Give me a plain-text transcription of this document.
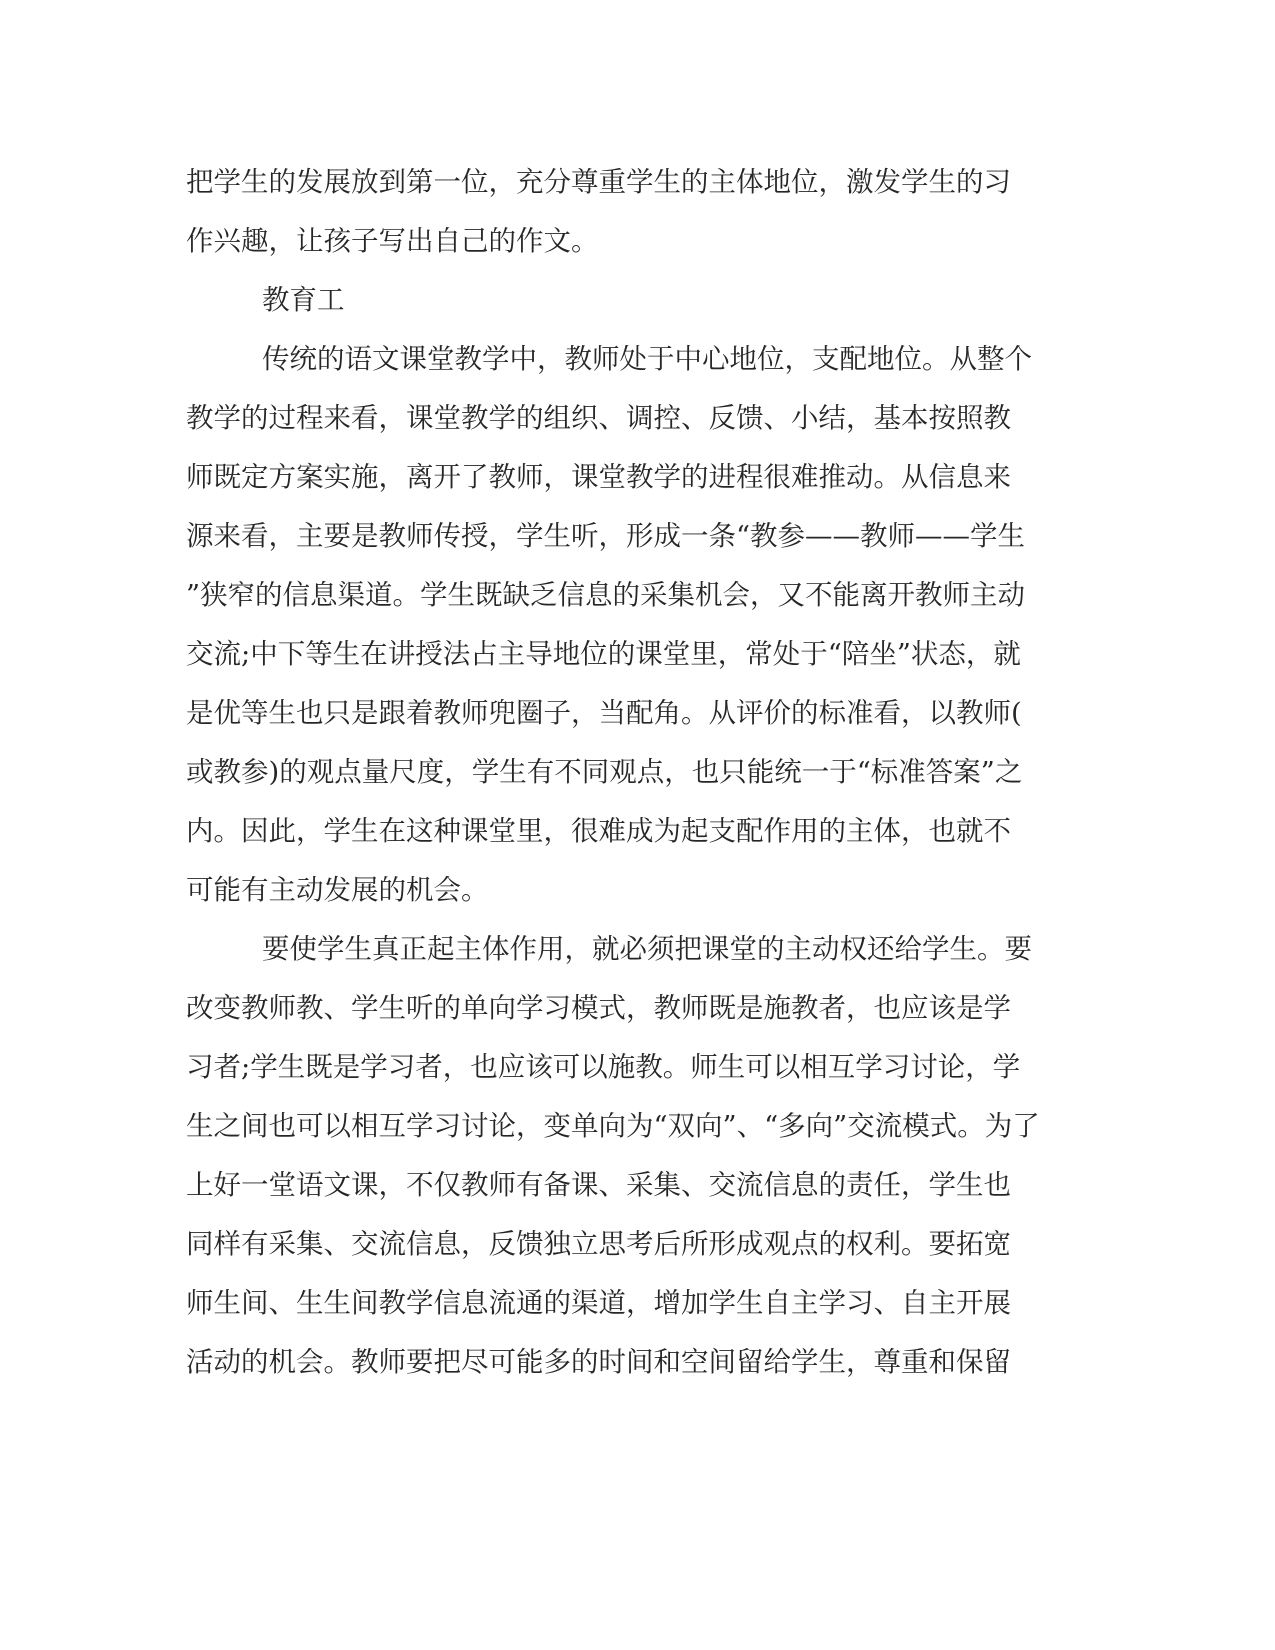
把学生的发展放到第一位，充分尊重学生的主体地位，激发学生的习
作兴趣，让孩子写出自己的作文。
教育工
传统的语文课堂教学中，教师处于中心地位，支配地位。从整个
教学的过程来看，课堂教学的组织、调控、反馈、小结，基本按照教
师既定方案实施，离开了教师，课堂教学的进程很难推动。从信息来
源来看，主要是教师传授，学生听，形成一条“教参——教师——学生
”狭窄的信息渠道。学生既缺乏信息的采集机会，又不能离开教师主动
交流;中下等生在讲授法占主导地位的课堂里，常处于“陪坐”状态，就
是优等生也只是跟着教师兜圈子，当配角。从评价的标准看，以教师(
或教参)的观点量尺度，学生有不同观点，也只能统一于“标准答案”之
内。因此，学生在这种课堂里，很难成为起支配作用的主体，也就不
可能有主动发展的机会。
要使学生真正起主体作用，就必须把课堂的主动权还给学生。要
改变教师教、学生听的单向学习模式，教师既是施教者，也应该是学
习者;学生既是学习者，也应该可以施教。师生可以相互学习讨论，学
生之间也可以相互学习讨论，变单向为“双向”、“多向”交流模式。为了
上好一堂语文课，不仅教师有备课、采集、交流信息的责任，学生也
同样有采集、交流信息，反馈独立思考后所形成观点的权利。要拓宽
师生间、生生间教学信息流通的渠道，增加学生自主学习、自主开展
活动的机会。教师要把尽可能多的时间和空间留给学生，尊重和保留
